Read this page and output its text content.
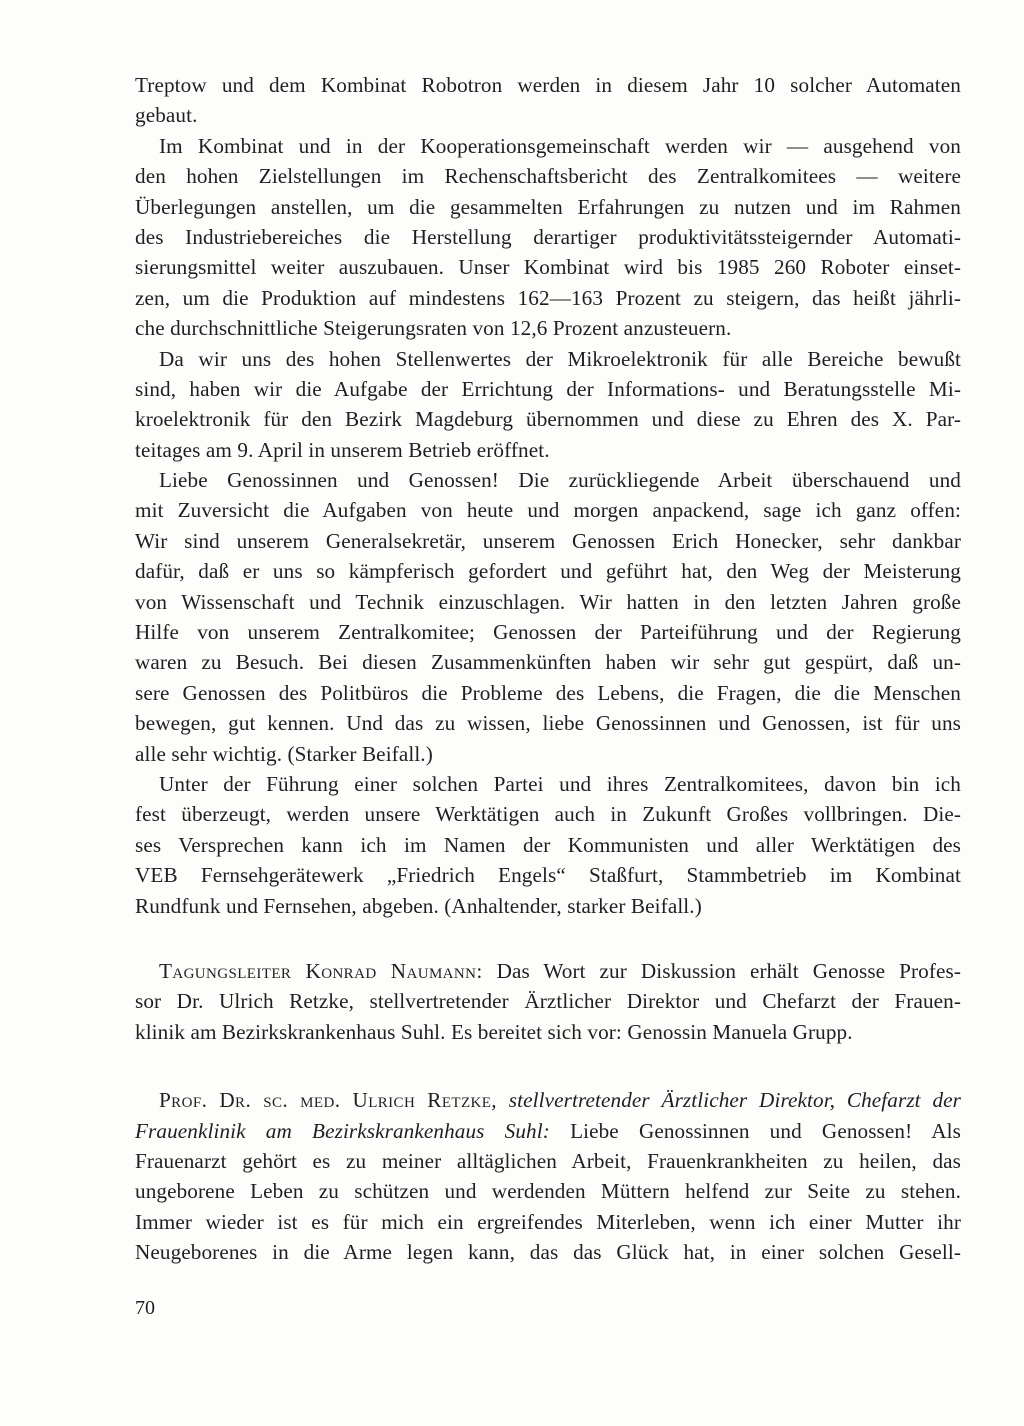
Treptow und dem Kombinat Robotron werden in diesem Jahr 10 solcher Automaten
gebaut.
Im Kombinat und in der Kooperationsgemeinschaft werden wir — ausgehend von
den hohen Zielstellungen im Rechenschaftsbericht des Zentralkomitees — weitere
Überlegungen anstellen, um die gesammelten Erfahrungen zu nutzen und im Rahmen
des Industriebereiches die Herstellung derartiger produktivitätssteigernder Automati-
sierungsmittel weiter auszubauen. Unser Kombinat wird bis 1985 260 Roboter einset-
zen, um die Produktion auf mindestens 162—163 Prozent zu steigern, das heißt jährli-
che durchschnittliche Steigerungsraten von 12,6 Prozent anzusteuern.
Da wir uns des hohen Stellenwertes der Mikroelektronik für alle Bereiche bewußt
sind, haben wir die Aufgabe der Errichtung der Informations- und Beratungsstelle Mi-
kroelektronik für den Bezirk Magdeburg übernommen und diese zu Ehren des X. Par-
teitages am 9. April in unserem Betrieb eröffnet.
Liebe Genossinnen und Genossen! Die zurückliegende Arbeit überschauend und
mit Zuversicht die Aufgaben von heute und morgen anpackend, sage ich ganz offen:
Wir sind unserem Generalsekretär, unserem Genossen Erich Honecker, sehr dankbar
dafür, daß er uns so kämpferisch gefordert und geführt hat, den Weg der Meisterung
von Wissenschaft und Technik einzuschlagen. Wir hatten in den letzten Jahren große
Hilfe von unserem Zentralkomitee; Genossen der Parteiführung und der Regierung
waren zu Besuch. Bei diesen Zusammenkünften haben wir sehr gut gespürt, daß un-
sere Genossen des Politbüros die Probleme des Lebens, die Fragen, die die Menschen
bewegen, gut kennen. Und das zu wissen, liebe Genossinnen und Genossen, ist für uns
alle sehr wichtig. (Starker Beifall.)
Unter der Führung einer solchen Partei und ihres Zentralkomitees, davon bin ich
fest überzeugt, werden unsere Werktätigen auch in Zukunft Großes vollbringen. Die-
ses Versprechen kann ich im Namen der Kommunisten und aller Werktätigen des
VEB Fernsehgerätewerk „Friedrich Engels“ Staßfurt, Stammbetrieb im Kombinat
Rundfunk und Fernsehen, abgeben. (Anhaltender, starker Beifall.)
Tagungsleiter Konrad Naumann: Das Wort zur Diskussion erhält Genosse Profes-
sor Dr. Ulrich Retzke, stellvertretender Ärztlicher Direktor und Chefarzt der Frauen-
klinik am Bezirkskrankenhaus Suhl. Es bereitet sich vor: Genossin Manuela Grupp.
Prof. Dr. sc. med. Ulrich Retzke, stellvertretender Ärztlicher Direktor, Chefarzt der
Frauenklinik am Bezirkskrankenhaus Suhl: Liebe Genossinnen und Genossen! Als
Frauenarzt gehört es zu meiner alltäglichen Arbeit, Frauenkrankheiten zu heilen, das
ungeborene Leben zu schützen und werdenden Müttern helfend zur Seite zu stehen.
Immer wieder ist es für mich ein ergreifendes Miterleben, wenn ich einer Mutter ihr
Neugeborenes in die Arme legen kann, das das Glück hat, in einer solchen Gesell-
70
